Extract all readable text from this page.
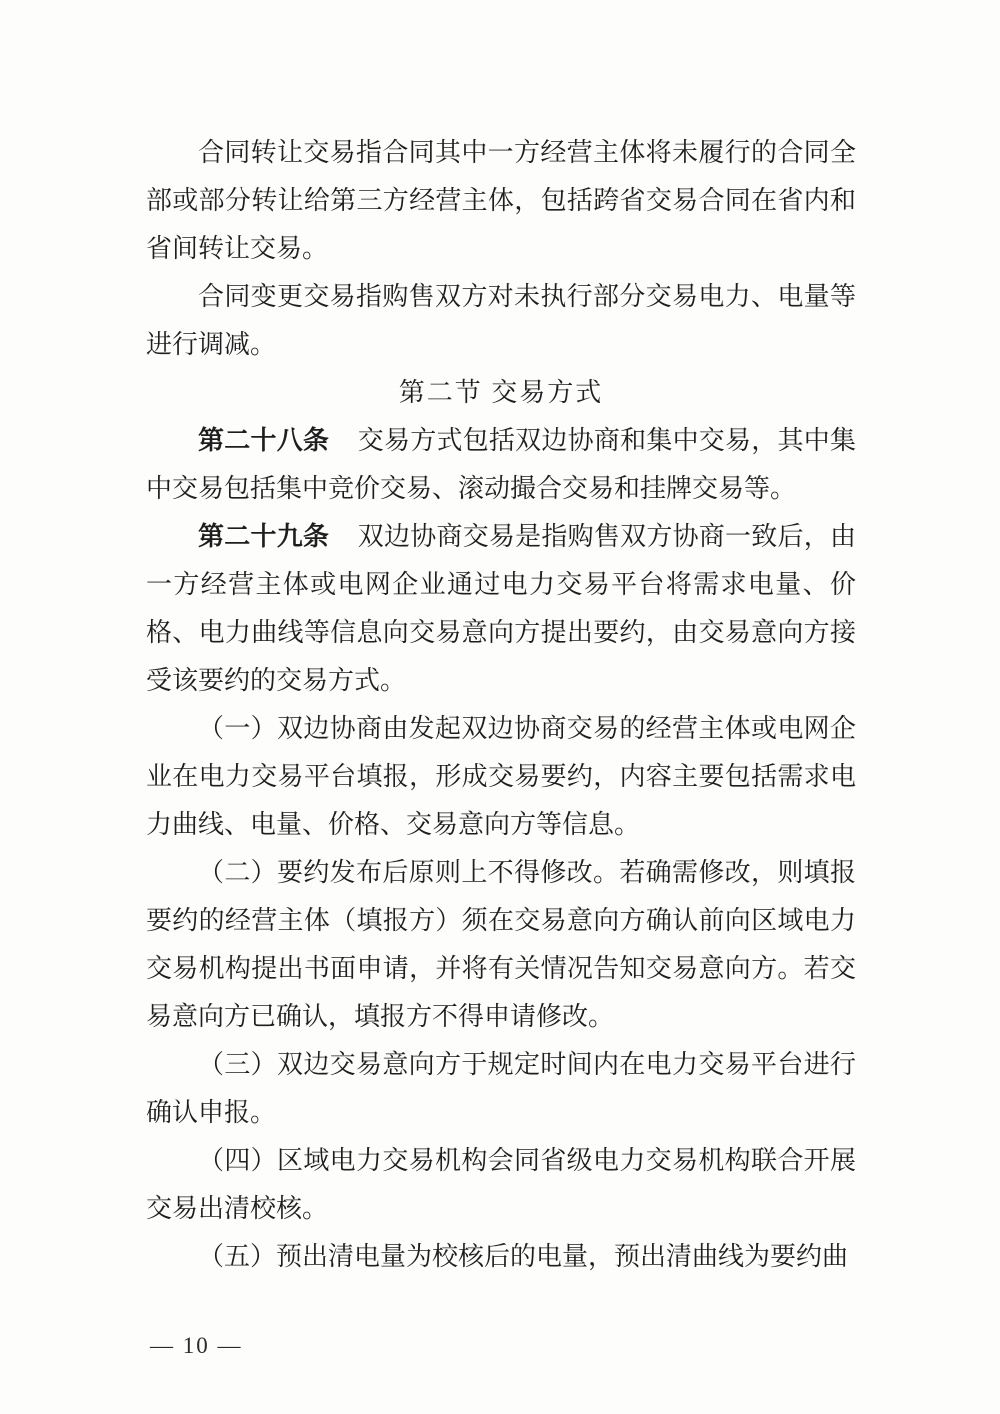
合同转让交易指合同其中一方经营主体将未履行的合同全部或部分转让给第三方经营主体，包括跨省交易合同在省内和省间转让交易。

合同变更交易指购售双方对未执行部分交易电力、电量等进行调减。

第二节 交易方式

第二十八条 交易方式包括双边协商和集中交易，其中集中交易包括集中竞价交易、滚动撮合交易和挂牌交易等。

第二十九条 双边协商交易是指购售双方协商一致后，由一方经营主体或电网企业通过电力交易平台将需求电量、价格、电力曲线等信息向交易意向方提出要约，由交易意向方接受该要约的交易方式。

（一）双边协商由发起双边协商交易的经营主体或电网企业在电力交易平台填报，形成交易要约，内容主要包括需求电力曲线、电量、价格、交易意向方等信息。

（二）要约发布后原则上不得修改。若确需修改，则填报要约的经营主体（填报方）须在交易意向方确认前向区域电力交易机构提出书面申请，并将有关情况告知交易意向方。若交易意向方已确认，填报方不得申请修改。

（三）双边交易意向方于规定时间内在电力交易平台进行确认申报。

（四）区域电力交易机构会同省级电力交易机构联合开展交易出清校核。

（五）预出清电量为校核后的电量，预出清曲线为要约曲

— 10 —
